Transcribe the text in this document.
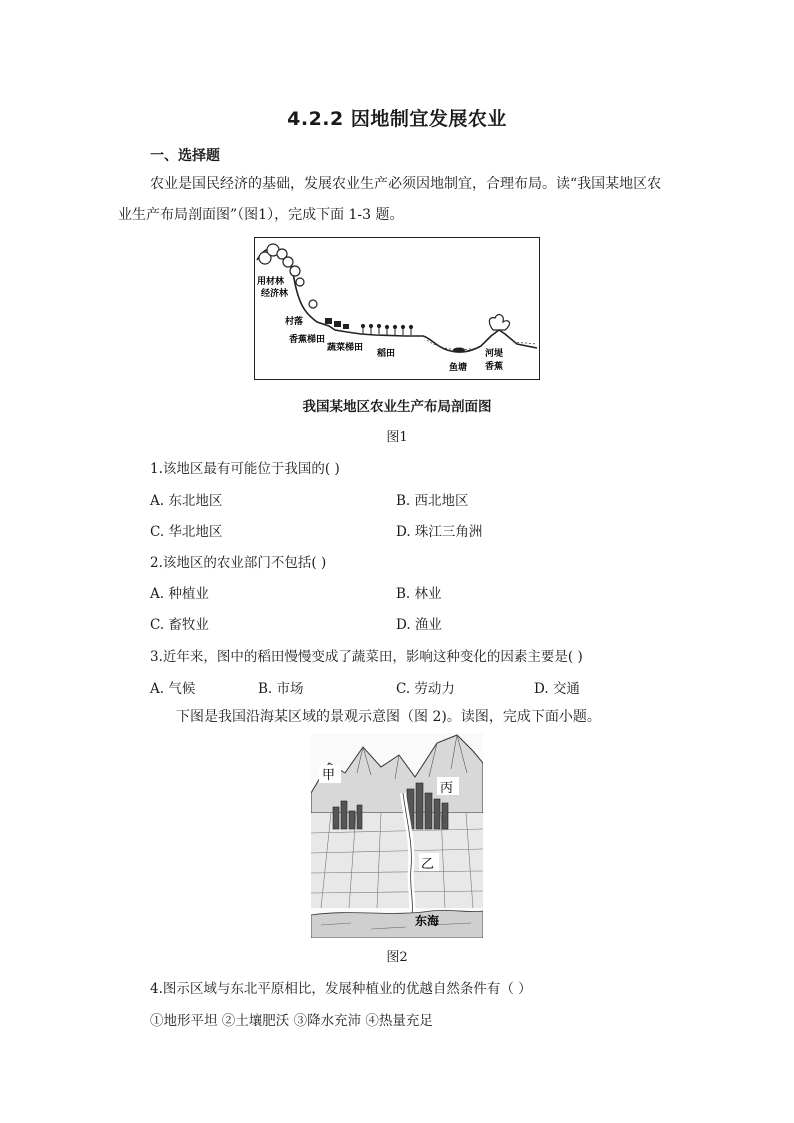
4.2.2 因地制宜发展农业
一、选择题
农业是国民经济的基础，发展农业生产必须因地制宜，合理布局。读“我国某地区农
业生产布局剖面图”（图1），完成下面 1-3 题。
用材林
经济林
村落
香蕉梯田
蔬菜梯田
稻田
鱼塘
河堤
香蕉
我国某地区农业生产布局剖面图
图1
1.该地区最有可能位于我国的( )
A. 东北地区	B. 西北地区
C. 华北地区	D. 珠江三角洲
2.该地区的农业部门不包括( )
A. 种植业	B. 林业
C. 畜牧业	D. 渔业
3.近年来，图中的稻田慢慢变成了蔬菜田，影响这种变化的因素主要是( )
A. 气候	B. 市场	C. 劳动力	D. 交通
下图是我国沿海某区域的景观示意图（图 2)。读图，完成下面小题。
甲
丙
乙
东海
图2
4.图示区域与东北平原相比，发展种植业的优越自然条件有（ ）
①地形平坦 ②土壤肥沃 ③降水充沛 ④热量充足
